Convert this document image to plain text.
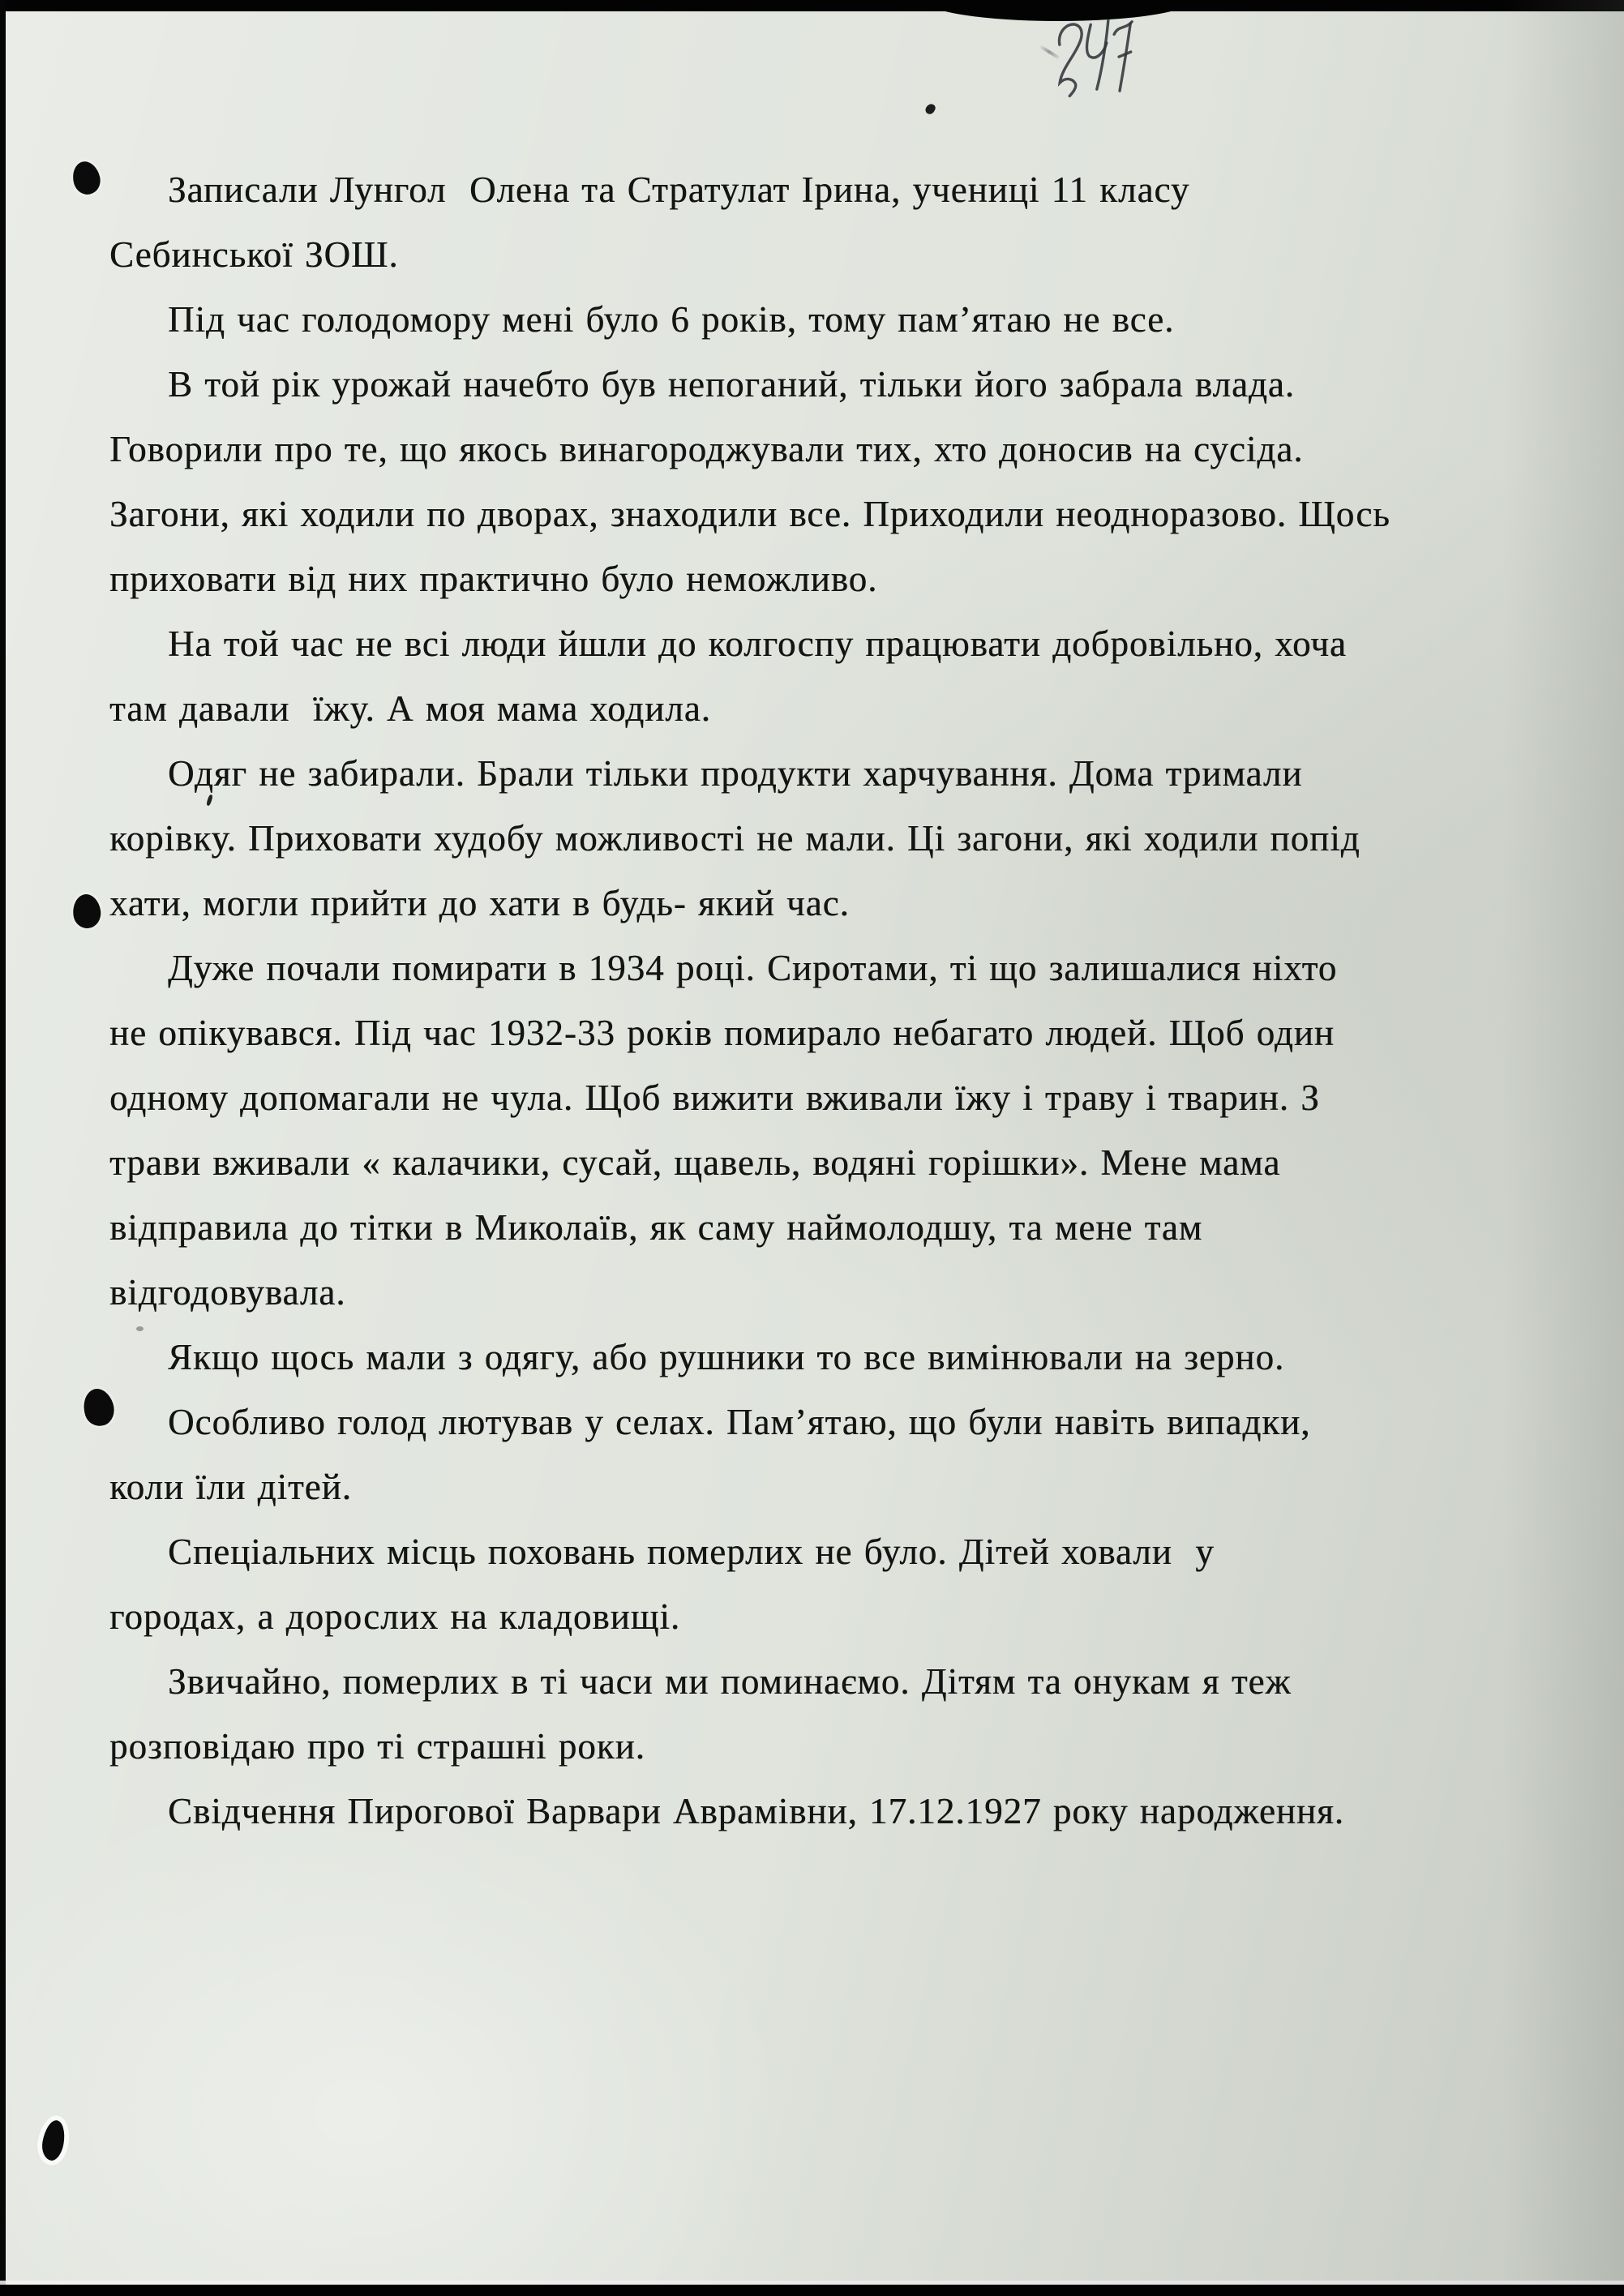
Записали Лунгол  Олена та Стратулат Ірина, учениці 11 класу
Себинської ЗОШ.
Під час голодомору мені було 6 років, тому пам’ятаю не все.
В той рік урожай начебто був непоганий, тільки його забрала влада.
Говорили про те, що якось винагороджували тих, хто доносив на сусіда.
Загони, які ходили по дворах, знаходили все. Приходили неодноразово. Щось
приховати від них практично було неможливо.
На той час не всі люди йшли до колгоспу працювати добровільно, хоча
там давали  їжу. А моя мама ходила.
Одяг не забирали. Брали тільки продукти харчування. Дома тримали
корівку. Приховати худобу можливості не мали. Ці загони, які ходили попід
хати, могли прийти до хати в будь- який час.
Дуже почали помирати в 1934 році. Сиротами, ті що залишалися ніхто
не опікувався. Під час 1932-33 років помирало небагато людей. Щоб один
одному допомагали не чула. Щоб вижити вживали їжу і траву і тварин. З
трави вживали « калачики, сусай, щавель, водяні горішки». Мене мама
відправила до тітки в Миколаїв, як саму наймолодшу, та мене там
відгодовувала.
Якщо щось мали з одягу, або рушники то все вимінювали на зерно.
Особливо голод лютував у селах. Пам’ятаю, що були навіть випадки,
коли їли дітей.
Спеціальних місць поховань померлих не було. Дітей ховали  у
городах, а дорослих на кладовищі.
Звичайно, померлих в ті часи ми поминаємо. Дітям та онукам я теж
розповідаю про ті страшні роки.
Свідчення Пирогової Варвари Аврамівни, 17.12.1927 року народження.
